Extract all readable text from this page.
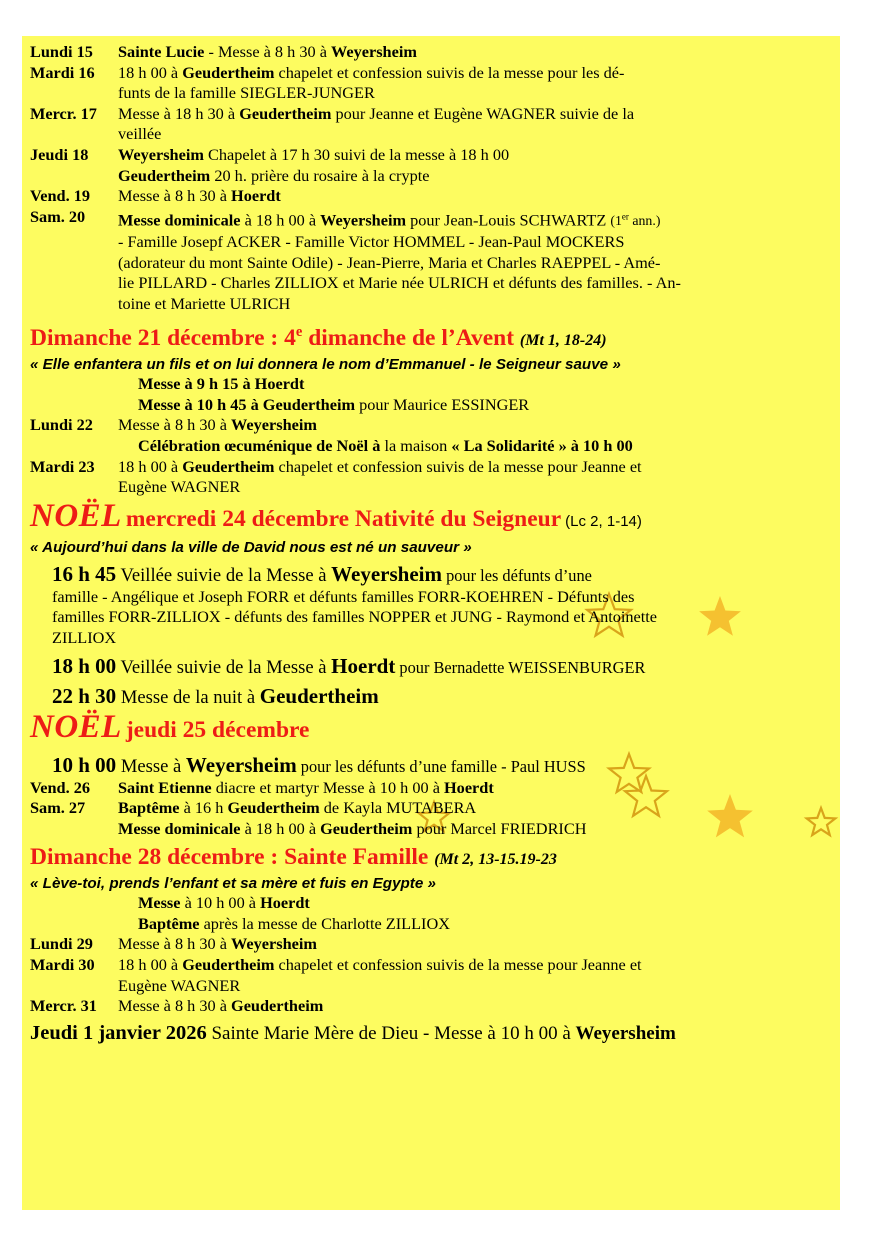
Lundi 15	Sainte Lucie - Messe à 8 h 30 à Weyersheim
Mardi 16	18 h 00 à Geudertheim chapelet et confession suivis de la messe pour les dé-
funts de la famille SIEGLER-JUNGER
Mercr. 17	Messe à 18 h 30 à Geudertheim pour Jeanne et Eugène WAGNER suivie de la
veillée
Jeudi 18	Weyersheim Chapelet à 17 h 30 suivi de la messe à 18 h 00
Geudertheim 20 h. prière du rosaire à la crypte
Vend. 19	Messe à 8 h 30 à Hoerdt
Sam. 20	Messe dominicale à 18 h 00 à Weyersheim pour Jean-Louis SCHWARTZ (1er ann.)
- Famille Josepf ACKER - Famille Victor HOMMEL - Jean-Paul MOCKERS
(adorateur du mont Sainte Odile) - Jean-Pierre, Maria et Charles RAEPPEL - Amé-
lie PILLARD - Charles ZILLIOX et Marie née ULRICH et défunts des familles. - An-
toine et Mariette ULRICH
Dimanche 21 décembre : 4e dimanche de l’Avent (Mt 1, 18-24)
« Elle enfantera un fils et on lui donnera le nom d’Emmanuel - le Seigneur sauve »
Messe à 9 h 15 à Hoerdt
Messe à 10 h 45 à Geudertheim pour Maurice ESSINGER
Lundi 22	Messe à 8 h 30 à Weyersheim
Célébration œcuménique de Noël à la maison « La Solidarité » à 10 h 00
Mardi 23	18 h 00 à Geudertheim chapelet et confession suivis de la messe pour Jeanne et
Eugène WAGNER
NOËL mercredi 24 décembre Nativité du Seigneur (Lc 2, 1-14)
« Aujourd’hui dans la ville de David nous est né un sauveur »
16 h 45 Veillée suivie de la Messe à Weyersheim pour les défunts d’une
famille - Angélique et Joseph FORR et défunts familles FORR-KOEHREN - Défunts des
familles FORR-ZILLIOX - défunts des familles NOPPER et JUNG - Raymond et Antoinette
ZILLIOX
18 h 00 Veillée suivie de la Messe à Hoerdt pour Bernadette WEISSENBURGER
22 h 30 Messe de la nuit à Geudertheim
NOËL jeudi 25 décembre
10 h 00 Messe à Weyersheim pour les défunts d’une famille - Paul HUSS
Vend. 26	Saint Etienne diacre et martyr Messe à 10 h 00 à Hoerdt
Sam. 27	Baptême à 16 h Geudertheim de Kayla MUTABERA
Messe dominicale à 18 h 00 à Geudertheim pour Marcel FRIEDRICH
Dimanche 28 décembre : Sainte Famille (Mt 2, 13-15.19-23
« Lève-toi, prends l’enfant et sa mère et fuis en Egypte »
Messe à 10 h 00 à Hoerdt
Baptême après la messe de Charlotte ZILLIOX
Lundi 29	Messe à 8 h 30 à Weyersheim
Mardi 30	18 h 00 à Geudertheim chapelet et confession suivis de la messe pour Jeanne et
Eugène WAGNER
Mercr. 31	Messe à 8 h 30 à Geudertheim
Jeudi 1 janvier 2026 Sainte Marie Mère de Dieu - Messe à 10 h 00 à Weyersheim
